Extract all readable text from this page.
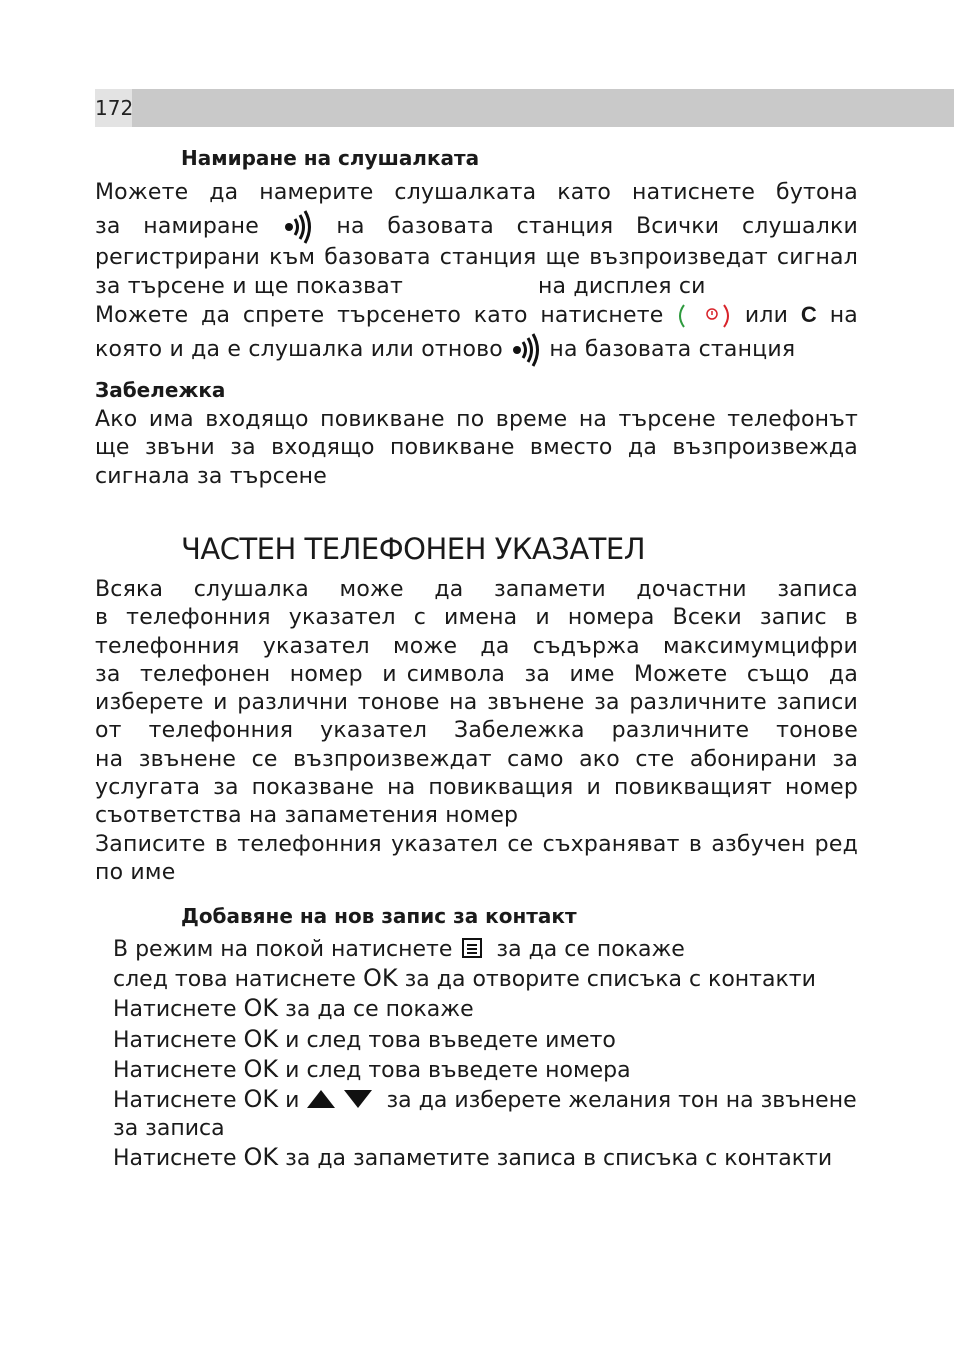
172
Намиране на слушалката
Можете да намерите слушалката като натиснете бутона
за намиране	на базовата станция Всички слушалки
регистрирани към базовата станция ще възпроизведат сигнал
за търсене и ще показват	на дисплея си
Можете да спрете търсенето като натиснете	или C на
която и да е слушалка или отново на базовата станция
Забележка
Ако има входящо повикване по време на търсене телефонът
ще звъни за входящо повикване вместо да възпроизвежда
сигнала за търсене
ЧАСТЕН ТЕЛЕФОНЕН УКАЗАТЕЛ
Всяка слушалка може да запамети дочастни записа
в телефонния указател с имена и номера Всеки запис в
телефонния указател може да съдържа максимумцифри
за телефонен номер и символа за име Можете също да
изберете и различни тонове на звънене за различните записи
от телефонния указател Забележка различните тонове
на звънене се възпроизвеждат само ако сте абонирани за
услугата за показване на повикващия и повикващият номер
съответства на запаметения номер
Записите в телефонния указател се съхраняват в азбучен ред
по име
Добавяне на нов запис за контакт
В режим на покой натиснете за да се покаже
след това натиснете OK за да отворите списъка с контакти
Натиснете OK за да се покаже
Натиснете OK и след това въведете името
Натиснете OK и след това въведете номера
Натиснете OK и	за да изберете желания тон на звънене
за записа
Натиснете OK за да запаметите записа в списъка с контакти
